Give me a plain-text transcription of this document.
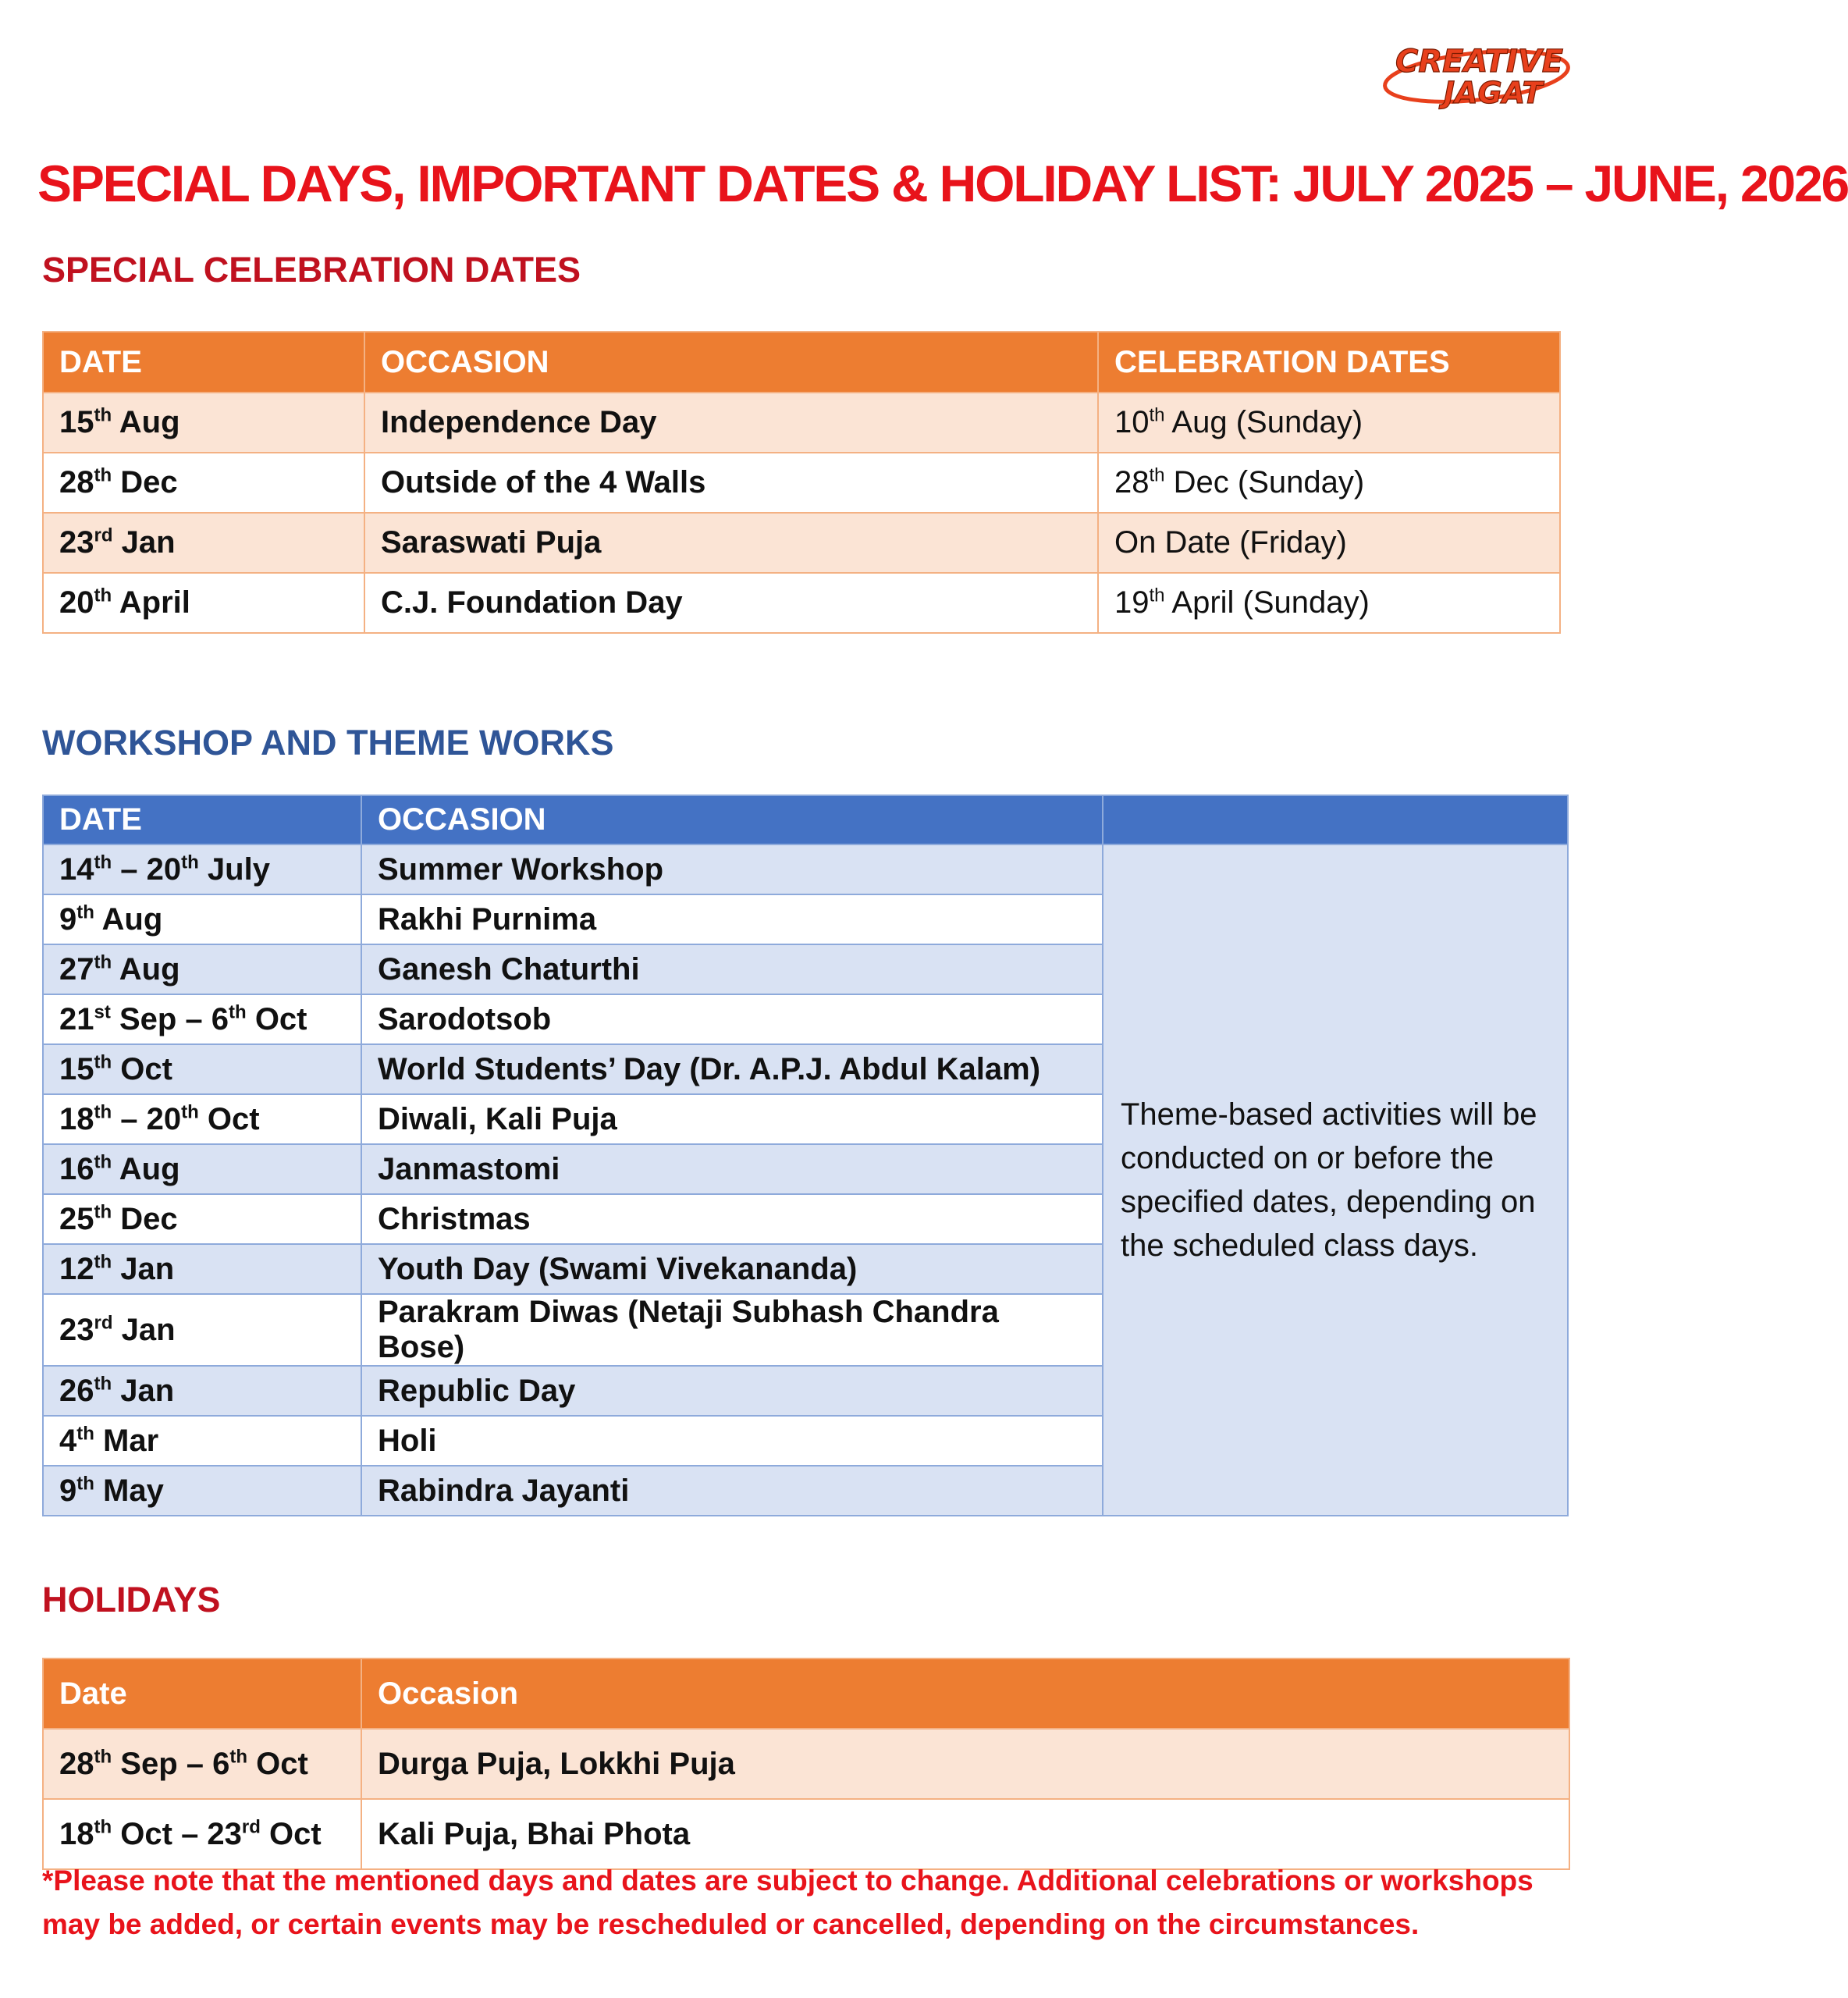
CREATIVE
JAGAT
SPECIAL DAYS, IMPORTANT DATES & HOLIDAY LIST: JULY 2025 – JUNE, 2026
SPECIAL CELEBRATION DATES
DATE	OCCASION	CELEBRATION DATES
15th Aug	Independence Day	10th Aug (Sunday)
28th Dec	Outside of the 4 Walls	28th Dec (Sunday)
23rd Jan	Saraswati Puja	On Date (Friday)
20th April	C.J. Foundation Day	19th April (Sunday)
WORKSHOP AND THEME WORKS
DATE	OCCASION	
14th – 20th July	Summer Workshop	Theme-based activities will be conducted on or before the specified dates, depending on the scheduled class days.
9th Aug	Rakhi Purnima	
27th Aug	Ganesh Chaturthi	
21st Sep – 6th Oct	Sarodotsob	
15th Oct	World Students’ Day (Dr. A.P.J. Abdul Kalam)	
18th – 20th Oct	Diwali, Kali Puja	
16th Aug	Janmastomi	
25th Dec	Christmas	
12th Jan	Youth Day (Swami Vivekananda)	
23rd Jan	Parakram Diwas (Netaji Subhash Chandra Bose)	
26th Jan	Republic Day	
4th Mar	Holi	
9th May	Rabindra Jayanti	
HOLIDAYS
Date	Occasion
28th Sep – 6th Oct	Durga Puja, Lokkhi Puja
18th Oct – 23rd Oct	Kali Puja, Bhai Phota

*Please note that the mentioned days and dates are subject to change. Additional celebrations or workshops may be added, or certain events may be rescheduled or cancelled, depending on the circumstances.
